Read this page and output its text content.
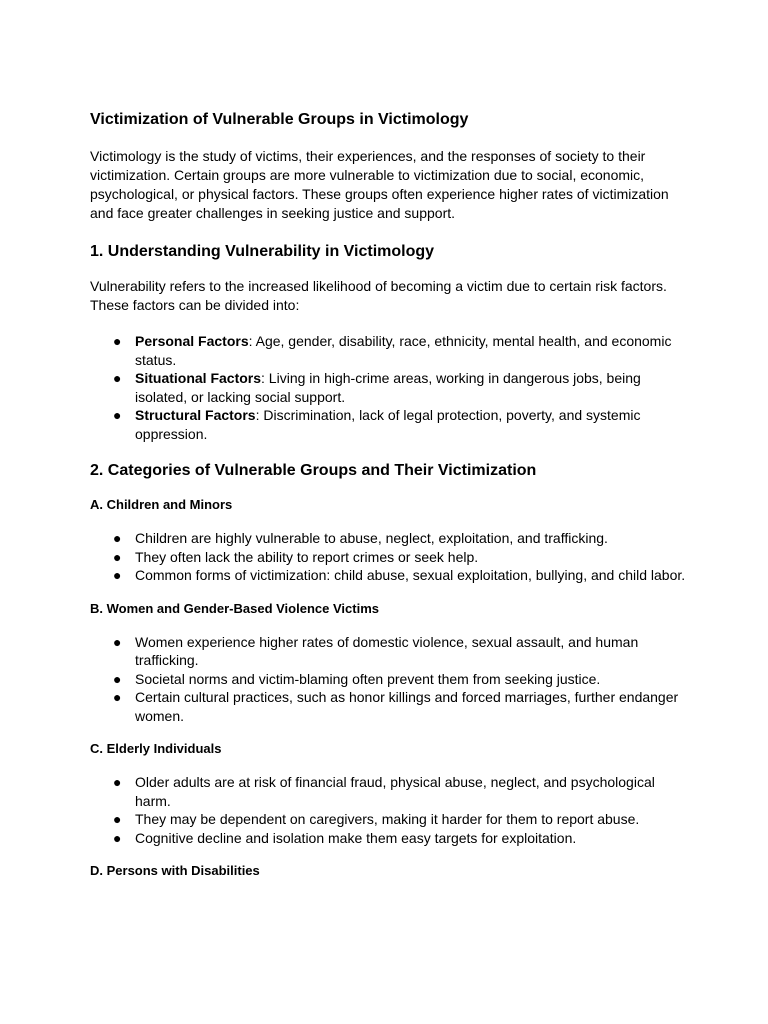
Victimization of Vulnerable Groups in Victimology

Victimology is the study of victims, their experiences, and the responses of society to their victimization. Certain groups are more vulnerable to victimization due to social, economic, psychological, or physical factors. These groups often experience higher rates of victimization and face greater challenges in seeking justice and support.

1. Understanding Vulnerability in Victimology

Vulnerability refers to the increased likelihood of becoming a victim due to certain risk factors. These factors can be divided into:

● Personal Factors: Age, gender, disability, race, ethnicity, mental health, and economic status.
● Situational Factors: Living in high-crime areas, working in dangerous jobs, being isolated, or lacking social support.
● Structural Factors: Discrimination, lack of legal protection, poverty, and systemic oppression.
2. Categories of Vulnerable Groups and Their Victimization
A. Children and Minors
● Children are highly vulnerable to abuse, neglect, exploitation, and trafficking.
● They often lack the ability to report crimes or seek help.
● Common forms of victimization: child abuse, sexual exploitation, bullying, and child labor.
B. Women and Gender-Based Violence Victims
● Women experience higher rates of domestic violence, sexual assault, and human trafficking.
● Societal norms and victim-blaming often prevent them from seeking justice.
● Certain cultural practices, such as honor killings and forced marriages, further endanger women.
C. Elderly Individuals
● Older adults are at risk of financial fraud, physical abuse, neglect, and psychological harm.
● They may be dependent on caregivers, making it harder for them to report abuse.
● Cognitive decline and isolation make them easy targets for exploitation.
D. Persons with Disabilities
